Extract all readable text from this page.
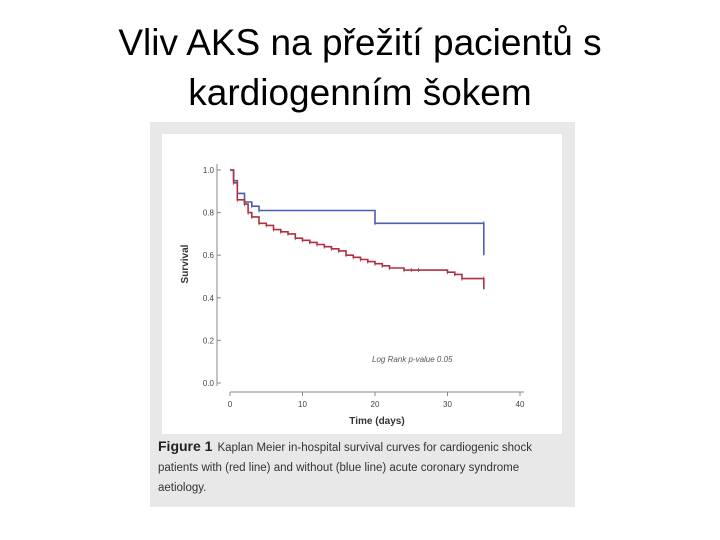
Vliv AKS na přežití pacientů s
kardiogenním šokem
Survival
Time (days)
Log Rank p-value 0.05
0.0
0.2
0.4
0.6
0.8
1.0
0	10	20	30	40
Figure 1 Kaplan Meier in-hospital survival curves for cardiogenic shock patients with (red line) and without (blue line) acute coronary syndrome aetiology.
